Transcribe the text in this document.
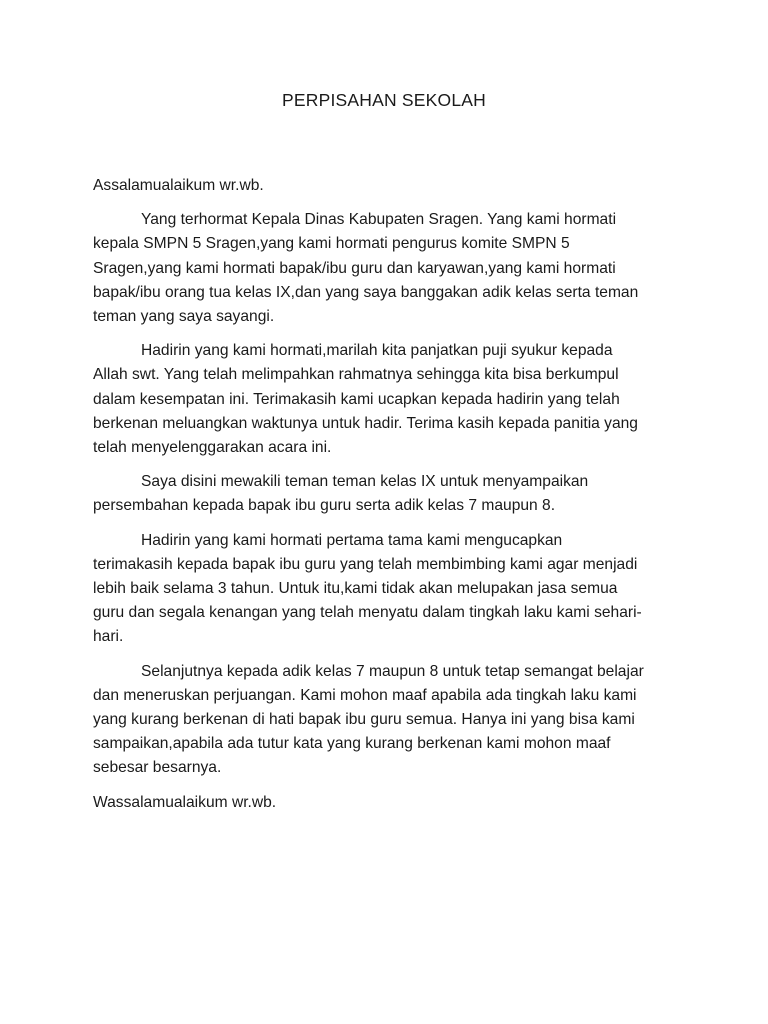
PERPISAHAN SEKOLAH
Assalamualaikum wr.wb.
Yang terhormat Kepala Dinas Kabupaten Sragen. Yang kami hormati
kepala SMPN 5 Sragen,yang kami hormati pengurus komite SMPN 5
Sragen,yang kami hormati bapak/ibu guru dan karyawan,yang kami hormati
bapak/ibu orang tua kelas IX,dan yang saya banggakan adik kelas serta teman
teman yang saya sayangi.
Hadirin yang kami hormati,marilah kita panjatkan puji syukur kepada
Allah swt. Yang telah melimpahkan rahmatnya sehingga kita bisa berkumpul
dalam kesempatan ini. Terimakasih kami ucapkan kepada hadirin yang telah
berkenan meluangkan waktunya untuk hadir. Terima kasih kepada panitia yang
telah menyelenggarakan acara ini.
Saya disini mewakili teman teman kelas IX untuk menyampaikan
persembahan kepada bapak ibu guru serta adik kelas 7 maupun 8.
Hadirin yang kami hormati pertama tama kami mengucapkan
terimakasih kepada bapak ibu guru yang telah membimbing kami agar menjadi
lebih baik selama 3 tahun. Untuk itu,kami tidak akan melupakan jasa semua
guru dan segala kenangan yang telah menyatu dalam tingkah laku kami sehari-
hari.
Selanjutnya kepada adik kelas 7 maupun 8 untuk tetap semangat belajar
dan meneruskan perjuangan. Kami mohon maaf apabila ada tingkah laku kami
yang kurang berkenan di hati bapak ibu guru semua. Hanya ini yang bisa kami
sampaikan,apabila ada tutur kata yang kurang berkenan kami mohon maaf
sebesar besarnya.
Wassalamualaikum wr.wb.
